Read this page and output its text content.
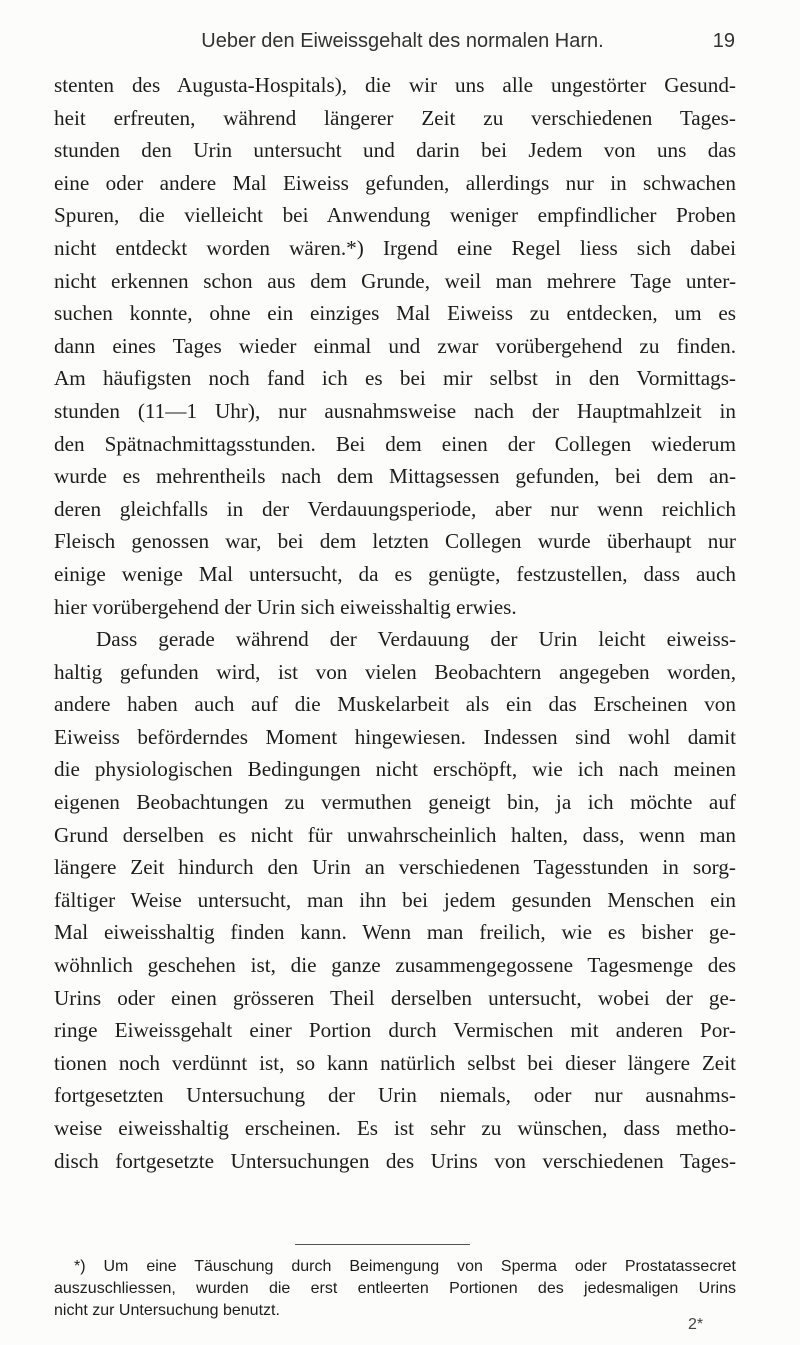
Ueber den Eiweissgehalt des normalen Harn.	19

stenten des Augusta-Hospitals), die wir uns alle ungestörter Gesund-
heit erfreuten, während längerer Zeit zu verschiedenen Tages-
stunden den Urin untersucht und darin bei Jedem von uns das
eine oder andere Mal Eiweiss gefunden, allerdings nur in schwachen
Spuren, die vielleicht bei Anwendung weniger empfindlicher Proben
nicht entdeckt worden wären.*) Irgend eine Regel liess sich dabei
nicht erkennen schon aus dem Grunde, weil man mehrere Tage unter-
suchen konnte, ohne ein einziges Mal Eiweiss zu entdecken, um es
dann eines Tages wieder einmal und zwar vorübergehend zu finden.
Am häufigsten noch fand ich es bei mir selbst in den Vormittags-
stunden (11—1 Uhr), nur ausnahmsweise nach der Hauptmahlzeit in
den Spätnachmittagsstunden. Bei dem einen der Collegen wiederum
wurde es mehrentheils nach dem Mittagsessen gefunden, bei dem an-
deren gleichfalls in der Verdauungsperiode, aber nur wenn reichlich
Fleisch genossen war, bei dem letzten Collegen wurde überhaupt nur
einige wenige Mal untersucht, da es genügte, festzustellen, dass auch
hier vorübergehend der Urin sich eiweisshaltig erwies.

Dass gerade während der Verdauung der Urin leicht eiweiss-
haltig gefunden wird, ist von vielen Beobachtern angegeben worden,
andere haben auch auf die Muskelarbeit als ein das Erscheinen von
Eiweiss beförderndes Moment hingewiesen. Indessen sind wohl damit
die physiologischen Bedingungen nicht erschöpft, wie ich nach meinen
eigenen Beobachtungen zu vermuthen geneigt bin, ja ich möchte auf
Grund derselben es nicht für unwahrscheinlich halten, dass, wenn man
längere Zeit hindurch den Urin an verschiedenen Tagesstunden in sorg-
fältiger Weise untersucht, man ihn bei jedem gesunden Menschen ein
Mal eiweisshaltig finden kann. Wenn man freilich, wie es bisher ge-
wöhnlich geschehen ist, die ganze zusammengegossene Tagesmenge des
Urins oder einen grösseren Theil derselben untersucht, wobei der ge-
ringe Eiweissgehalt einer Portion durch Vermischen mit anderen Por-
tionen noch verdünnt ist, so kann natürlich selbst bei dieser längere Zeit
fortgesetzten Untersuchung der Urin niemals, oder nur ausnahms-
weise eiweisshaltig erscheinen. Es ist sehr zu wünschen, dass metho-
disch fortgesetzte Untersuchungen des Urins von verschiedenen Tages-

*) Um eine Täuschung durch Beimengung von Sperma oder Prostatassecret
auszuschliessen, wurden die erst entleerten Portionen des jedesmaligen Urins
nicht zur Untersuchung benutzt.
2*
